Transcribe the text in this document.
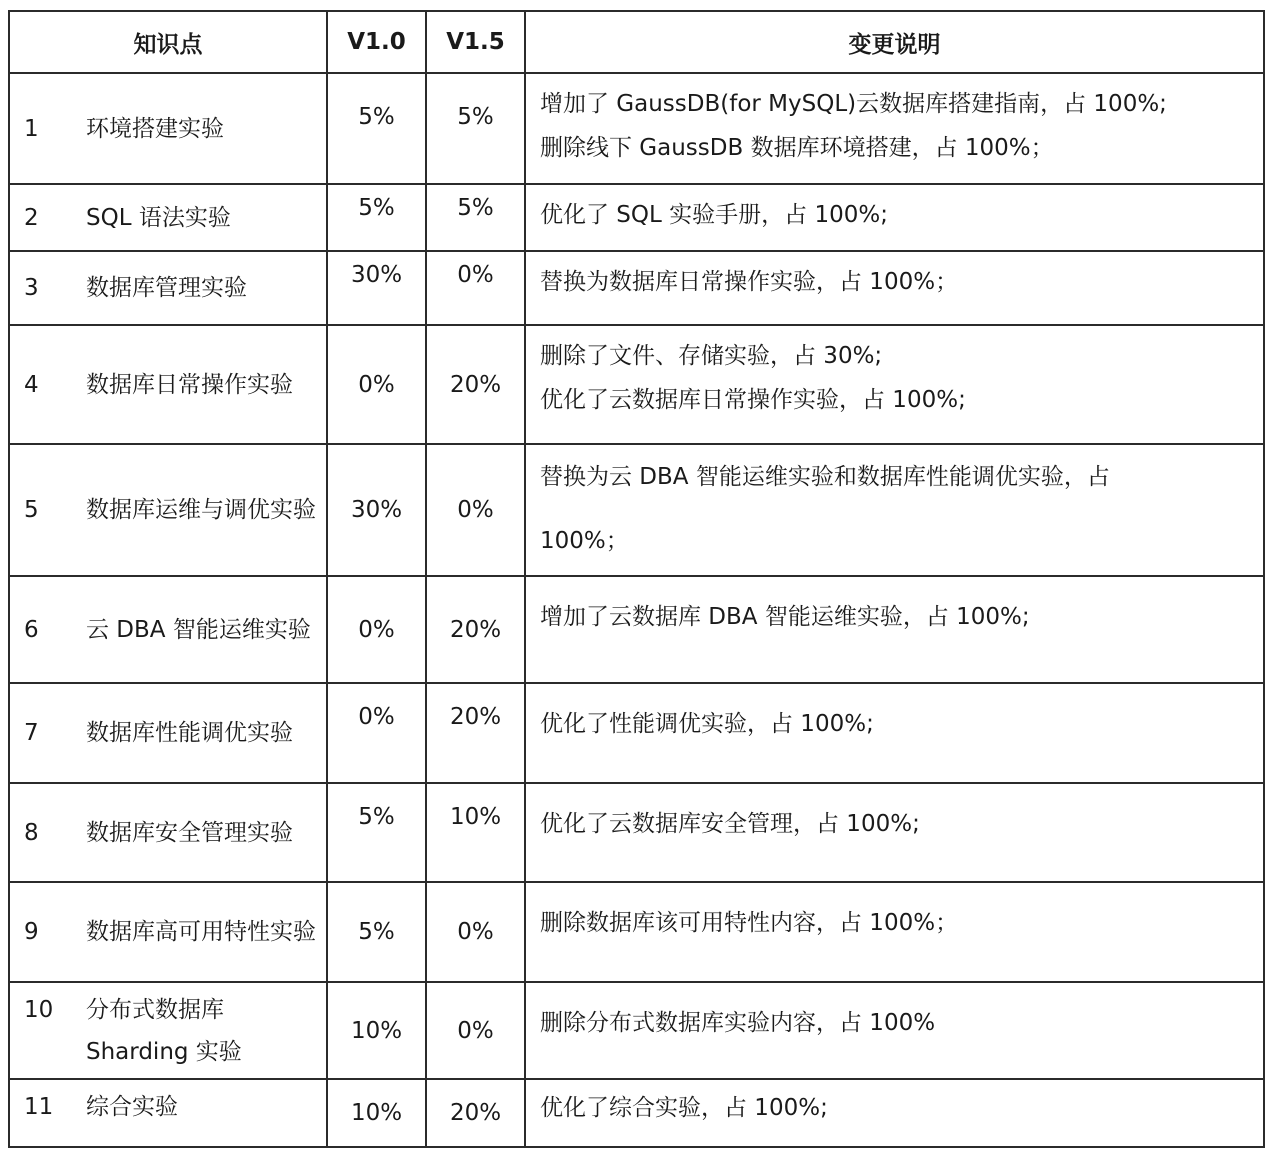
知识点	V1.0	V1.5	变更说明

1 环境搭建实验	5%	5%	增加了 GaussDB(for MySQL)云数据库搭建指南，占 100%;
删除线下 GaussDB 数据库环境搭建，占 100%；

2 SQL 语法实验	5%	5%	优化了 SQL 实验手册，占 100%;

3 数据库管理实验	30%	0%	替换为数据库日常操作实验，占 100%；

4 数据库日常操作实验	0%	20%	删除了文件、存储实验，占 30%;
优化了云数据库日常操作实验，占 100%;

5 数据库运维与调优实验	30%	0%	替换为云 DBA 智能运维实验和数据库性能调优实验，占
100%；

6 云 DBA 智能运维实验	0%	20%	增加了云数据库 DBA 智能运维实验，占 100%;

7 数据库性能调优实验	0%	20%	优化了性能调优实验，占 100%;

8 数据库安全管理实验	5%	10%	优化了云数据库安全管理，占 100%;

9 数据库高可用特性实验	5%	0%	删除数据库该可用特性内容，占 100%；

10 分布式数据库 Sharding 实验	10%	0%	删除分布式数据库实验内容，占 100%

11 综合实验	10%	20%	优化了综合实验，占 100%;
